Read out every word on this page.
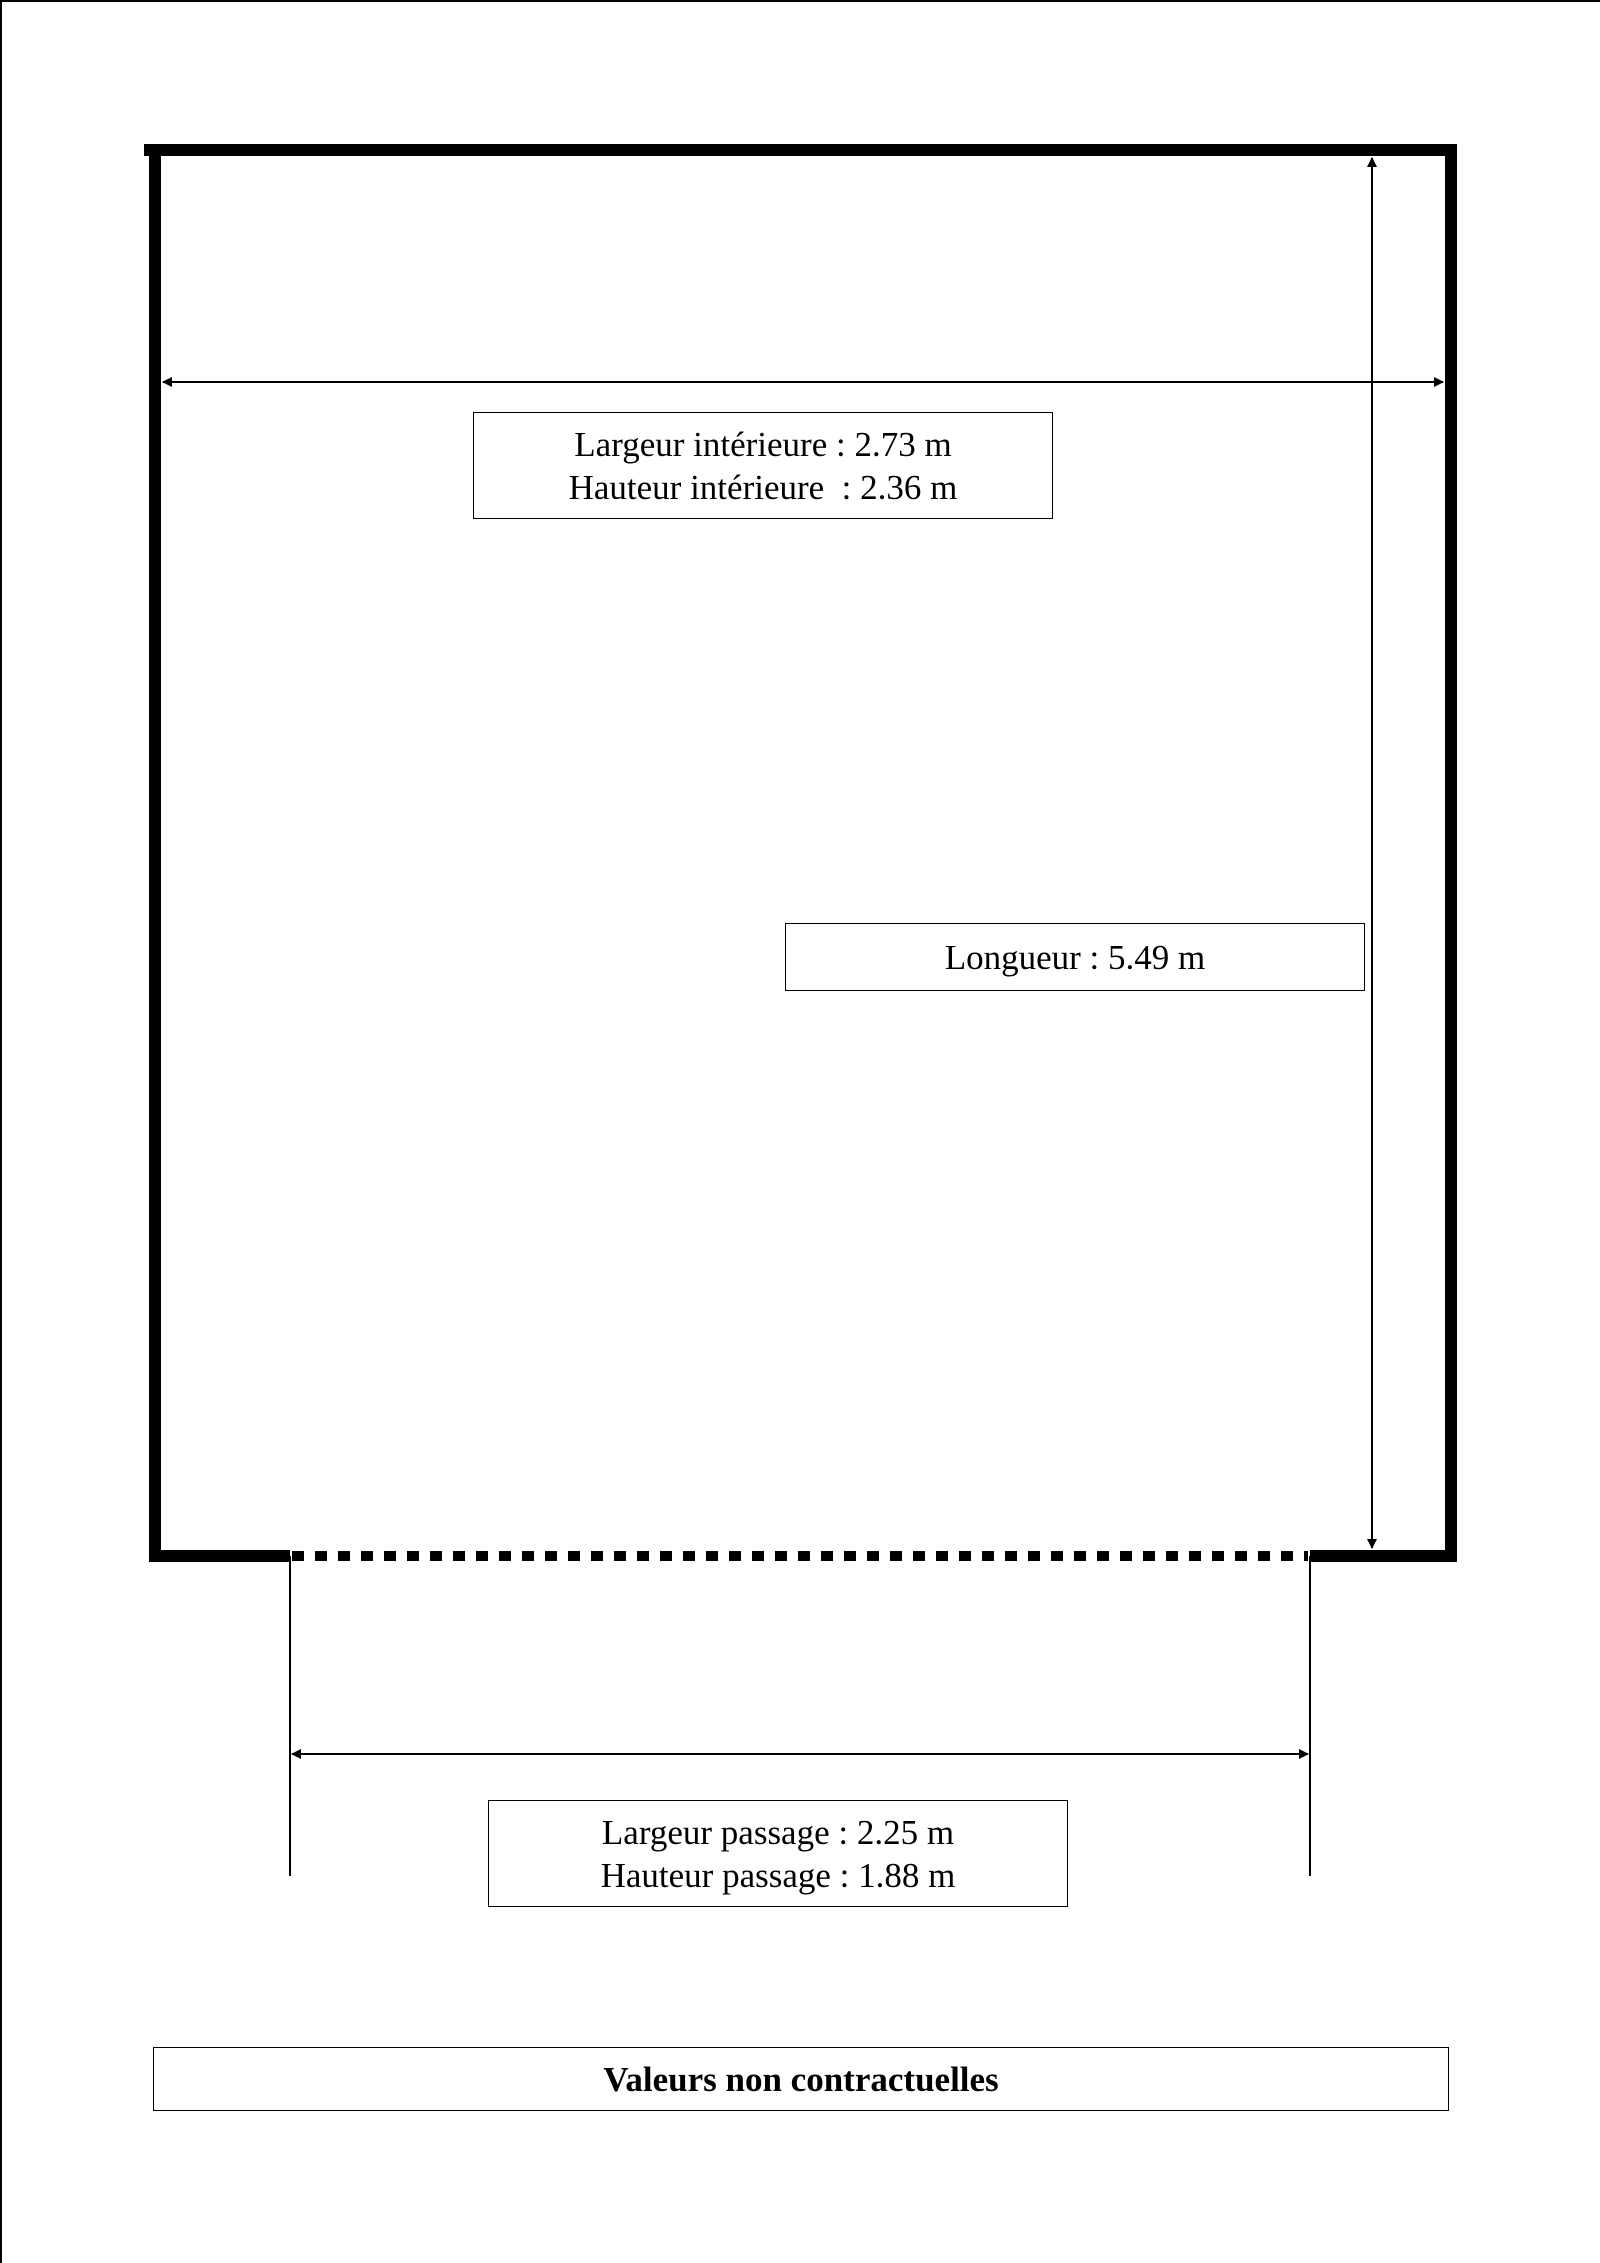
Largeur intérieure : 2.73 m
Hauteur intérieure  : 2.36 m
Longueur : 5.49 m
Largeur passage : 2.25 m
Hauteur passage : 1.88 m
Valeurs non contractuelles
